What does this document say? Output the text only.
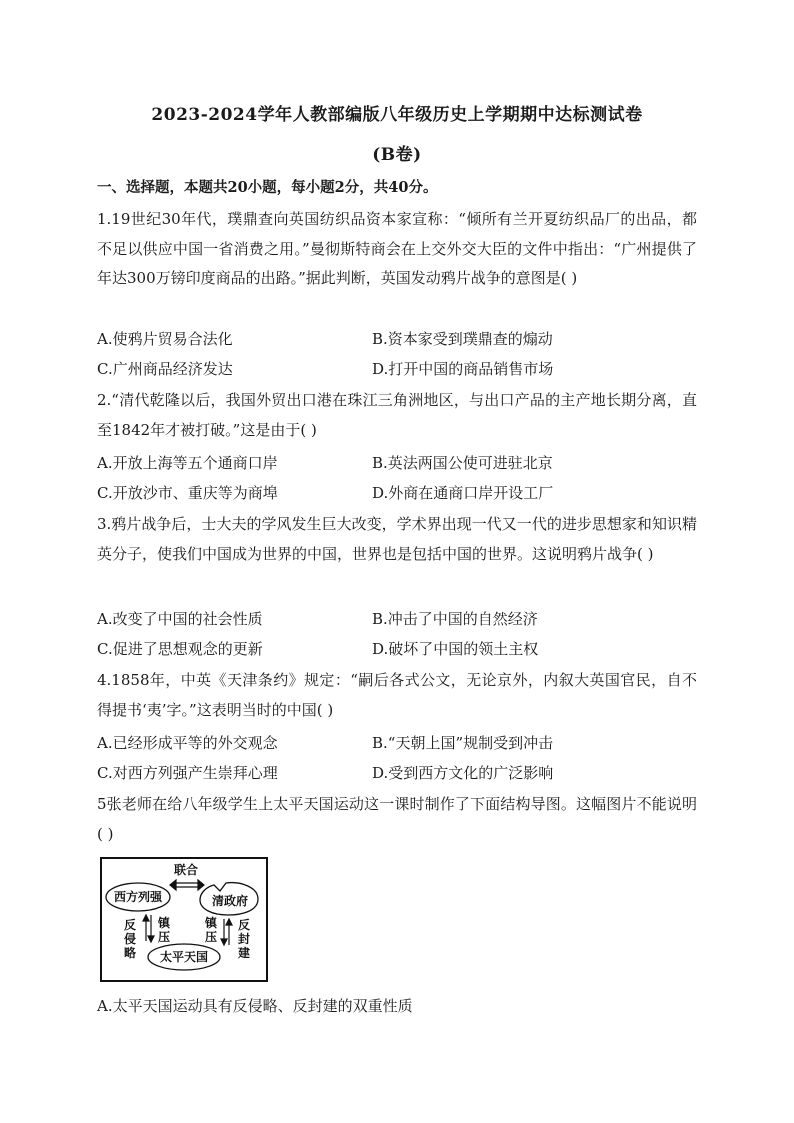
2023-2024学年人教部编版八年级历史上学期期中达标测试卷
(B卷)
一、选择题，本题共20小题，每小题2分，共40分。
1.19世纪30年代，璞鼎查向英国纺织品资本家宣称：“倾所有兰开夏纺织品厂的出品，都不足以供应中国一省消费之用。”曼彻斯特商会在上交外交大臣的文件中指出：“广州提供了年达300万镑印度商品的出路。”据此判断，英国发动鸦片战争的意图是( )
A.使鸦片贸易合法化	B.资本家受到璞鼎查的煽动
C.广州商品经济发达	D.打开中国的商品销售市场
2.“清代乾隆以后，我国外贸出口港在珠江三角洲地区，与出口产品的主产地长期分离，直至1842年才被打破。”这是由于( )
A.开放上海等五个通商口岸	B.英法两国公使可进驻北京
C.开放沙市、重庆等为商埠	D.外商在通商口岸开设工厂
3.鸦片战争后，士大夫的学风发生巨大改变，学术界出现一代又一代的进步思想家和知识精英分子，使我们中国成为世界的中国，世界也是包括中国的世界。这说明鸦片战争( )
A.改变了中国的社会性质	B.冲击了中国的自然经济
C.促进了思想观念的更新	D.破坏了中国的领土主权
4.1858年，中英《天津条约》规定：“嗣后各式公文，无论京外，内叙大英国官民，自不得提书‘夷’字。”这表明当时的中国( )
A.已经形成平等的外交观念	B.“天朝上国”规制受到冲击
C.对西方列强产生崇拜心理	D.受到西方文化的广泛影响
5张老师在给八年级学生上太平天国运动这一课时制作了下面结构导图。这幅图片不能说明( )
西方列强	清政府
联合
太平天国
反
侵
略
镇
压
镇
压
反
封
建
A.太平天国运动具有反侵略、反封建的双重性质
